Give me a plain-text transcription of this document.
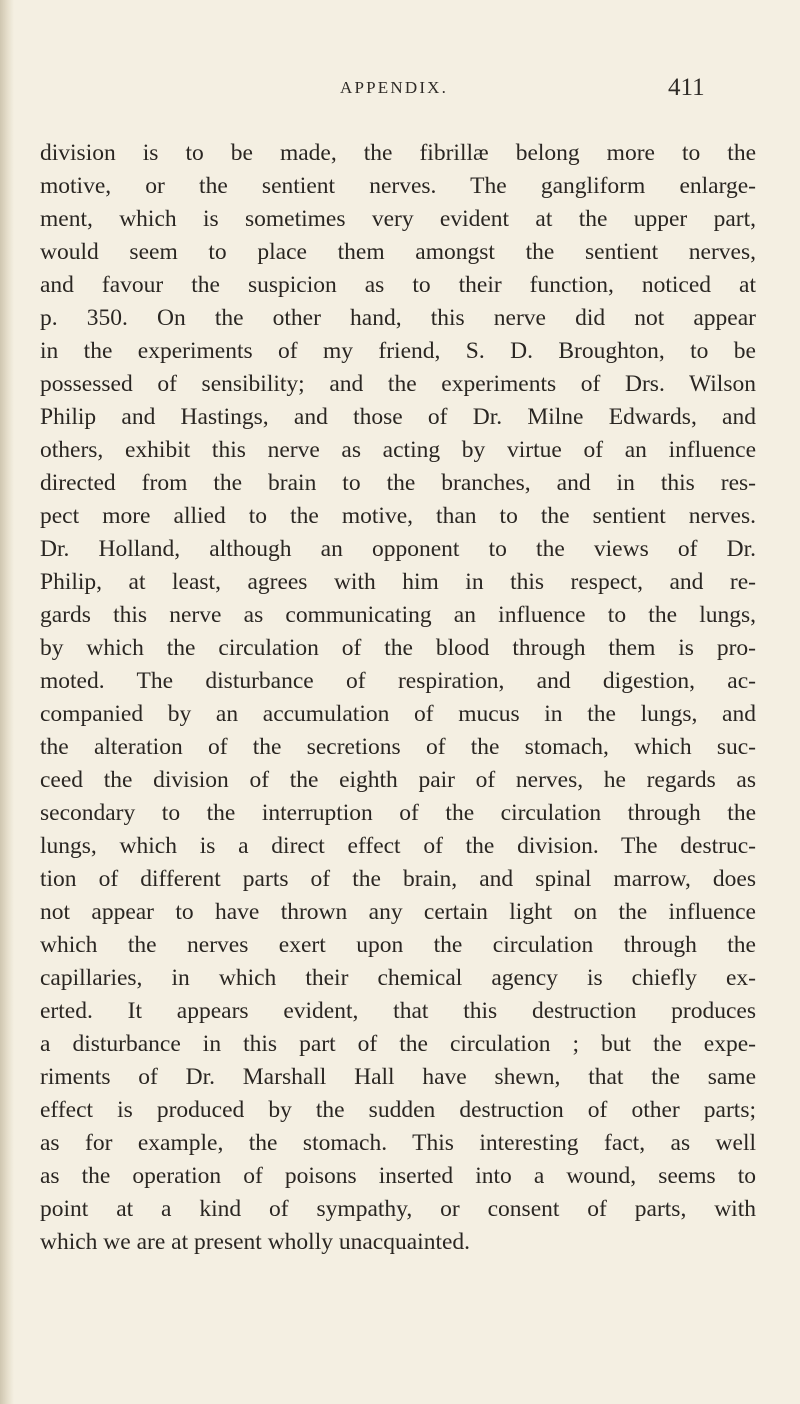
APPENDIX.	411
division is to be made, the fibrillæ belong more to the
motive, or the sentient nerves. The gangliform enlarge-
ment, which is sometimes very evident at the upper part,
would seem to place them amongst the sentient nerves,
and favour the suspicion as to their function, noticed at
p. 350. On the other hand, this nerve did not appear
in the experiments of my friend, S. D. Broughton, to be
possessed of sensibility; and the experiments of Drs. Wilson
Philip and Hastings, and those of Dr. Milne Edwards, and
others, exhibit this nerve as acting by virtue of an influence
directed from the brain to the branches, and in this res-
pect more allied to the motive, than to the sentient nerves.
Dr. Holland, although an opponent to the views of Dr.
Philip, at least, agrees with him in this respect, and re-
gards this nerve as communicating an influence to the lungs,
by which the circulation of the blood through them is pro-
moted. The disturbance of respiration, and digestion, ac-
companied by an accumulation of mucus in the lungs, and
the alteration of the secretions of the stomach, which suc-
ceed the division of the eighth pair of nerves, he regards as
secondary to the interruption of the circulation through the
lungs, which is a direct effect of the division. The destruc-
tion of different parts of the brain, and spinal marrow, does
not appear to have thrown any certain light on the influence
which the nerves exert upon the circulation through the
capillaries, in which their chemical agency is chiefly ex-
erted. It appears evident, that this destruction produces
a disturbance in this part of the circulation ; but the expe-
riments of Dr. Marshall Hall have shewn, that the same
effect is produced by the sudden destruction of other parts;
as for example, the stomach. This interesting fact, as well
as the operation of poisons inserted into a wound, seems to
point at a kind of sympathy, or consent of parts, with
which we are at present wholly unacquainted.
